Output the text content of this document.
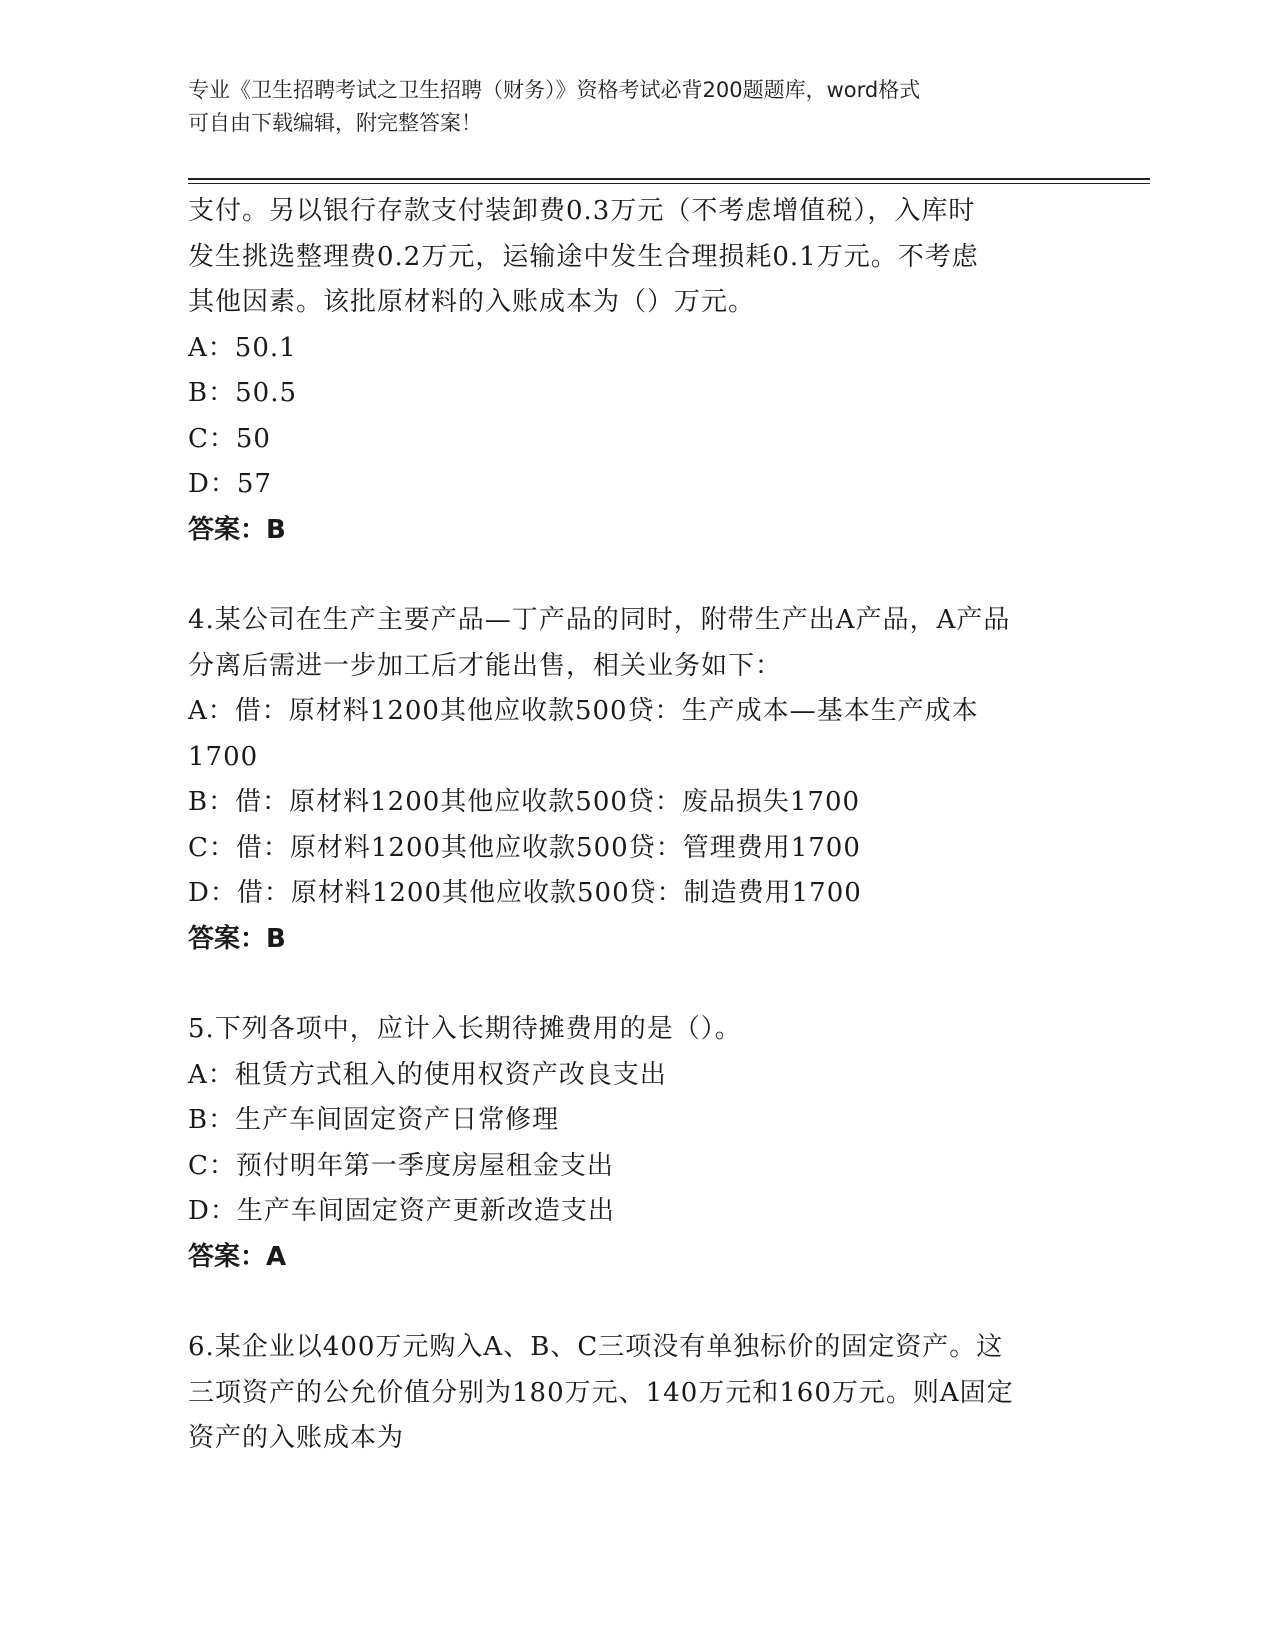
专业《卫生招聘考试之卫生招聘（财务）》资格考试必背200题题库，word格式
可自由下载编辑，附完整答案！

支付。另以银行存款支付装卸费0.3万元（不考虑增值税），入库时

发生挑选整理费0.2万元，运输途中发生合理损耗0.1万元。不考虑

其他因素。该批原材料的入账成本为（）万元。

A：50.1

B：50.5

C：50

D：57

答案：B

4.某公司在生产主要产品—丁产品的同时，附带生产出A产品，A产品

分离后需进一步加工后才能出售，相关业务如下：

A：借：原材料1200其他应收款500贷：生产成本—基本生产成本

1700

B：借：原材料1200其他应收款500贷：废品损失1700

C：借：原材料1200其他应收款500贷：管理费用1700

D：借：原材料1200其他应收款500贷：制造费用1700

答案：B

5.下列各项中，应计入长期待摊费用的是（）。

A：租赁方式租入的使用权资产改良支出

B：生产车间固定资产日常修理

C：预付明年第一季度房屋租金支出

D：生产车间固定资产更新改造支出

答案：A

6.某企业以400万元购入A、B、C三项没有单独标价的固定资产。这

三项资产的公允价值分别为180万元、140万元和160万元。则A固定

资产的入账成本为
